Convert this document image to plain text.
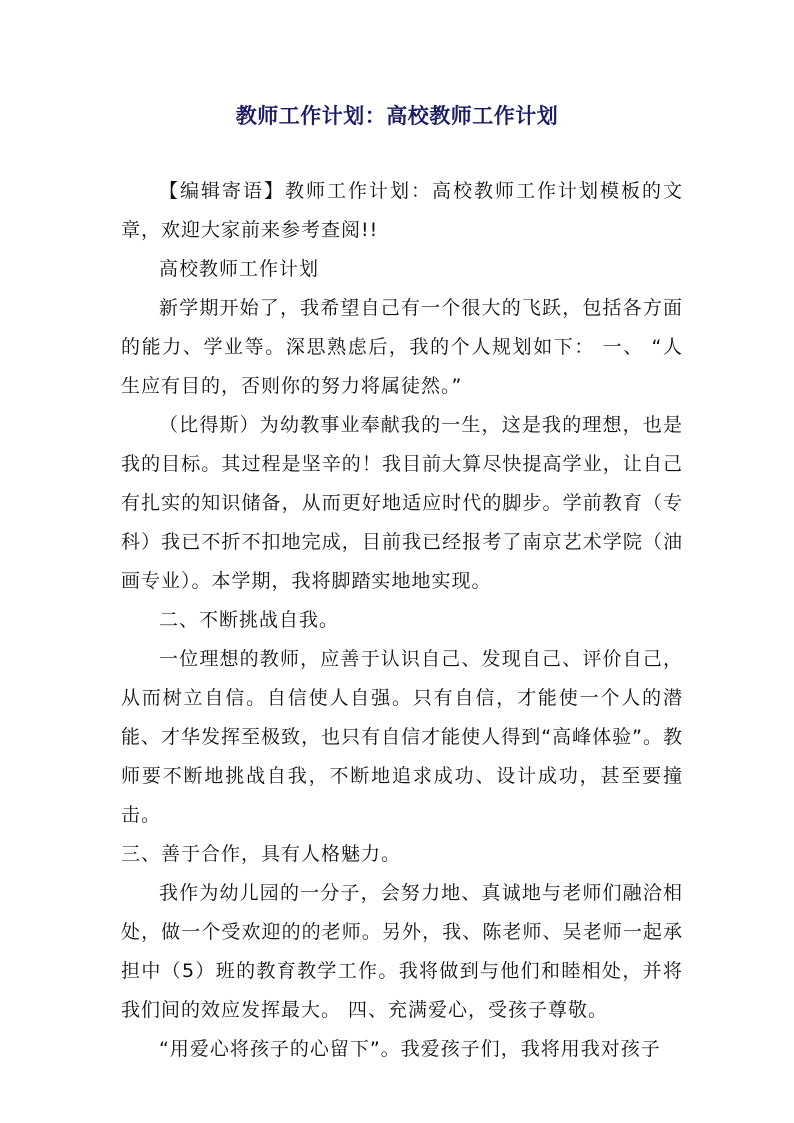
教师工作计划：高校教师工作计划

【编辑寄语】教师工作计划：高校教师工作计划模板的文章，欢迎大家前来参考查阅!!

高校教师工作计划

新学期开始了，我希望自己有一个很大的飞跃，包括各方面的能力、学业等。深思熟虑后，我的个人规划如下： 一、 “人生应有目的，否则你的努力将属徒然。”

（比得斯）为幼教事业奉献我的一生，这是我的理想，也是我的目标。其过程是坚辛的！我目前大算尽快提高学业，让自己有扎实的知识储备，从而更好地适应时代的脚步。学前教育（专科）我已不折不扣地完成，目前我已经报考了南京艺术学院（油画专业）。本学期，我将脚踏实地地实现。

二、不断挑战自我。

一位理想的教师，应善于认识自己、发现自己、评价自己，从而树立自信。自信使人自强。只有自信，才能使一个人的潜能、才华发挥至极致，也只有自信才能使人得到“高峰体验”。教师要不断地挑战自我，不断地追求成功、设计成功，甚至要撞击。

三、善于合作，具有人格魅力。

我作为幼儿园的一分子，会努力地、真诚地与老师们融洽相处，做一个受欢迎的的老师。另外，我、陈老师、吴老师一起承担中（5）班的教育教学工作。我将做到与他们和睦相处，并将我们间的效应发挥最大。 四、充满爱心，受孩子尊敬。

“用爱心将孩子的心留下”。我爱孩子们，我将用我对孩子
